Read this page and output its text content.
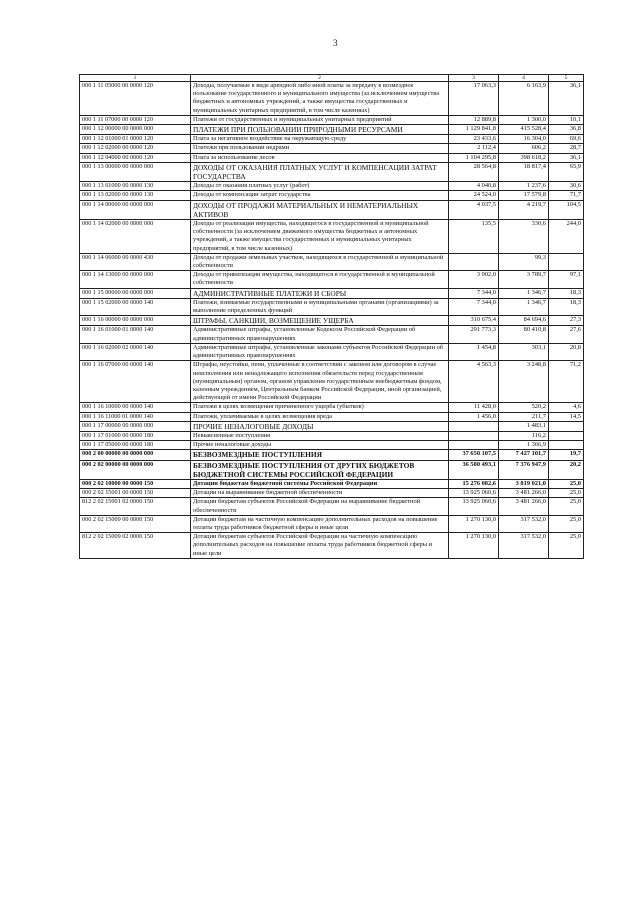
3
1	2	3	4	5
000 1 11 05000 00 0000 120	Доходы, получаемые в виде арендной либо иной платы за передачу в возмездное пользование государственного и муниципального имущества (за исключением имущества бюджетных и автономных учреждений, а также имущества государственных и муниципальных унитарных предприятий, в том числе казенных)	17 063,3	6 163,9	36,1
000 1 11 07000 00 0000 120	Платежи от государственных и муниципальных унитарных предприятий	12 889,8	1 300,0	10,1
000 1 12 00000 00 0000 000	ПЛАТЕЖИ ПРИ ПОЛЬЗОВАНИИ ПРИРОДНЫМИ РЕСУРСАМИ	1 129 841,8	415 528,4	36,8
000 1 12 01000 01 0000 120	Плата за негативное воздействие на окружающую среду	23 433,6	16 304,0	69,6
000 1 12 02000 00 0000 120	Платежи при пользовании недрами	2 112,4	606,2	28,7
000 1 12 04000 00 0000 120	Плата за использование лесов	1 104 295,8	398 618,2	36,1
000 1 13 00000 00 0000 000	ДОХОДЫ ОТ ОКАЗАНИЯ ПЛАТНЫХ УСЛУГ И КОМПЕНСАЦИИ ЗАТРАТ ГОСУДАРСТВА	28 564,8	18 817,4	65,9
000 1 13 01000 00 0000 130	Доходы от оказания платных услуг (работ)	4 040,8	1 237,6	30,6
000 1 13 02000 00 0000 130	Доходы от компенсации затрат государства	24 524,0	17 579,8	71,7
000 1 14 00000 00 0000 000	ДОХОДЫ ОТ ПРОДАЖИ МАТЕРИАЛЬНЫХ И НЕМАТЕРИАЛЬНЫХ АКТИВОВ	4 037,5	4 219,7	104,5
000 1 14 02000 00 0000 000	Доходы от реализации имущества, находящегося в государственной и муниципальной собственности (за исключением движимого имущества бюджетных и автономных учреждений, а также имущества государственных и муниципальных унитарных предприятий, в том числе казенных)	135,5	330,6	244,0
000 1 14 06000 00 0000 430	Доходы от продажи земельных участков, находящихся в государственной и муниципальной собственности		99,3	
000 1 14 13000 00 0000 000	Доходы от приватизации имущества, находящегося в государственной и муниципальной собственности	3 902,0	3 789,7	97,1
000 1 15 00000 00 0000 000	АДМИНИСТРАТИВНЫЕ ПЛАТЕЖИ И СБОРЫ	7 344,0	1 346,7	18,3
000 1 15 02000 00 0000 140	Платежи, взимаемые государственными и муниципальными органами (организациями) за выполнение определенных функций	7 344,0	1 346,7	18,3
000 1 16 00000 00 0000 000	ШТРАФЫ, САНКЦИИ, ВОЗМЕЩЕНИЕ УЩЕРБА	310 675,4	84 694,6	27,3
000 1 16 01000 01 0000 140	Административные штрафы, установленные Кодексом Российской Федерации об административных правонарушениях	291 773,3	80 410,8	27,6
000 1 16 02000 02 0000 140	Административные штрафы, установленные законами субъектов Российской Федерации об административных правонарушениях	1 454,8	303,1	20,8
000 1 16 07000 00 0000 140	Штрафы, неустойки, пени, уплаченные в соответствии с законом или договором в случае неисполнения или ненадлежащего исполнения обязательств перед государственным (муниципальным) органом, органом управления государственным внебюджетным фондом, казенным учреждением, Центральным банком Российской Федерации, иной организацией, действующей от имени Российской Федерации	4 563,3	3 248,8	71,2
000 1 16 10000 00 0000 140	Платежи в целях возмещения причиненного ущерба (убытков)	11 428,0	520,2	4,6
000 1 16 11000 01 0000 140	Платежи, уплачиваемые в целях возмещения вреда	1 456,0	211,7	14,5
000 1 17 00000 00 0000 000	ПРОЧИЕ НЕНАЛОГОВЫЕ ДОХОДЫ		1 483,1	
000 1 17 01000 00 0000 180	Невыясненные поступления		116,2	
000 1 17 05000 00 0000 180	Прочие неналоговые доходы		1 366,9	
000 2 00 00000 00 0000 000	БЕЗВОЗМЕЗДНЫЕ ПОСТУПЛЕНИЯ	37 650 107,5	7 427 101,7	19,7
000 2 02 00000 00 0000 000	БЕЗВОЗМЕЗДНЫЕ ПОСТУПЛЕНИЯ ОТ ДРУГИХ БЮДЖЕТОВ БЮДЖЕТНОЙ СИСТЕМЫ РОССИЙСКОЙ ФЕДЕРАЦИИ	36 580 493,1	7 376 947,9	20,2
000 2 02 10000 00 0000 150	Дотации бюджетам бюджетной системы Российской Федерации	15 276 082,6	3 819 021,0	25,0
000 2 02 15001 00 0000 150	Дотации на выравнивание бюджетной обеспеченности	13 925 060,6	3 481 266,0	25,0
812 2 02 15001 02 0000 150	Дотации бюджетам субъектов Российской Федерации на выравнивание бюджетной обеспеченности	13 925 060,6	3 481 266,0	25,0
000 2 02 15009 00 0000 150	Дотации бюджетам на частичную компенсацию дополнительных расходов на повышение оплаты труда работников бюджетной сферы и иные цели	1 270 130,0	317 532,0	25,0
812 2 02 15009 02 0000 150	Дотации бюджетам субъектов Российской Федерации на частичную компенсацию дополнительных расходов на повышение оплаты труда работников бюджетной сферы и иные цели	1 270 130,0	317 532,0	25,0
